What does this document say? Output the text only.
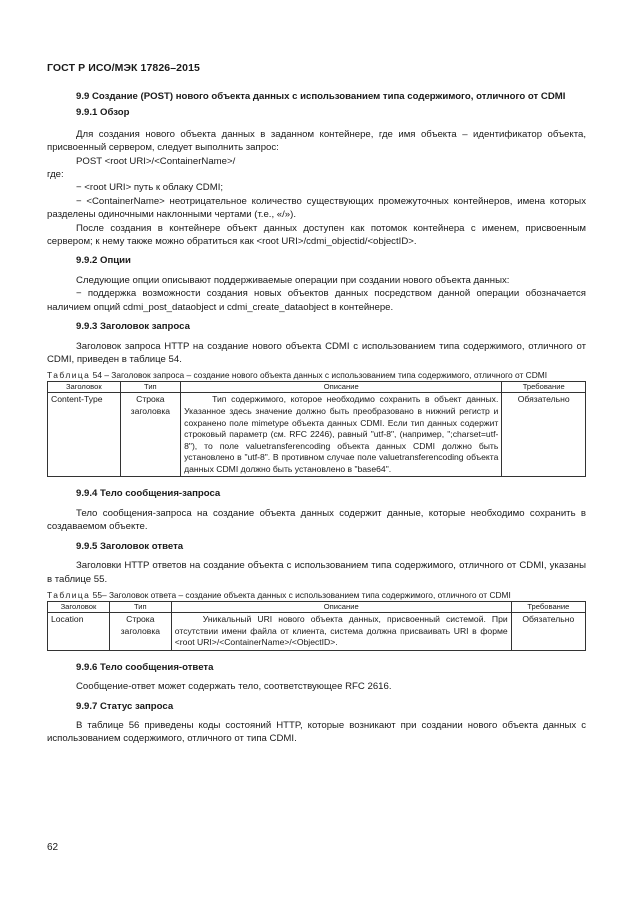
ГОСТ Р ИСО/МЭК 17826–2015

9.9 Создание (POST) нового объекта данных с использованием типа содержимого, отличного от CDMI

9.9.1 Обзор

Для создания нового объекта данных в заданном контейнере, где имя объекта – идентификатор объекта, присвоенный сервером, следует выполнить запрос:

POST <root URI>/<ContainerName>/

где:

− <root URI> путь к облаку CDMI;

− <ContainerName> неотрицательное количество существующих промежуточных контейнеров, имена которых разделены одиночными наклонными чертами (т.е., «/»).

После создания в контейнере объект данных доступен как потомок контейнера с именем, присвоенным сервером; к нему также можно обратиться как <root URI>/cdmi_objectid/<objectID>.

9.9.2 Опции

Следующие опции описывают поддерживаемые операции при создании нового объекта данных:

− поддержка возможности создания новых объектов данных посредством данной операции обозначается наличием опций cdmi_post_dataobject и cdmi_create_dataobject в контейнере.

9.9.3 Заголовок запроса

Заголовок запроса HTTP на создание нового объекта CDMI с использованием типа содержимого, отличного от CDMI, приведен в таблице 54.

Таблица 54 – Заголовок запроса – создание нового объекта данных с использованием типа содержимого, отличного от CDMI

Заголовок	Тип	Описание	Требование
Content-Type	Строка заголовка	Тип содержимого, которое необходимо сохранить в объект данных. Указанное здесь значение должно быть преобразовано в нижний регистр и сохранено поле mimetype объекта данных CDMI. Если тип данных содержит строковый параметр (см. RFC 2246), равный "utf-8", (например, ";charset=utf-8"), то поле valuetransferencoding объекта данных CDMI должно быть установлено в "utf-8". В противном случае поле valuetransferencoding объекта данных CDMI должно быть установлено в "base64".	Обязательно

9.9.4 Тело сообщения-запроса

Тело сообщения-запроса на создание объекта данных содержит данные, которые необходимо сохранить в создаваемом объекте.

9.9.5 Заголовок ответа

Заголовки HTTP ответов на создание объекта с использованием типа содержимого, отличного от CDMI, указаны в таблице 55.

Таблица 55– Заголовок ответа – создание объекта данных с использованием типа содержимого, отличного от CDMI

Заголовок	Тип	Описание	Требование
Location	Строка заголовка	Уникальный URI нового объекта данных, присвоенный системой. При отсутствии имени файла от клиента, система должна присваивать URI в форме <root URI>/<ContainerName>/<ObjectID>.	Обязательно

9.9.6 Тело сообщения-ответа

Сообщение-ответ может содержать тело, соответствующее RFC 2616.

9.9.7 Статус запроса

В таблице 56 приведены коды состояний HTTP, которые возникают при создании нового объекта данных с использованием содержимого, отличного от типа CDMI.

62
